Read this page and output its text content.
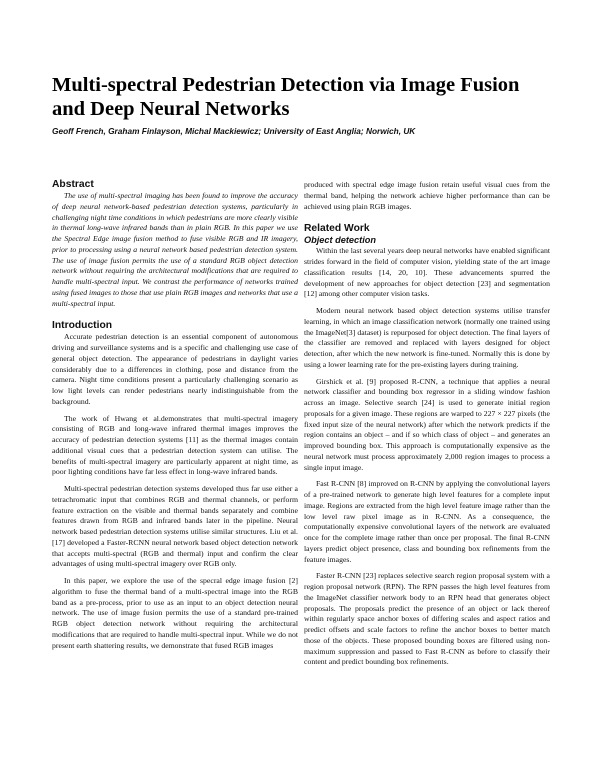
Multi-spectral Pedestrian Detection via Image Fusion and Deep Neural Networks
Geoff French, Graham Finlayson, Michal Mackiewicz; University of East Anglia; Norwich, UK
Abstract

The use of multi-spectral imaging has been found to improve the accuracy of deep neural network-based pedestrian detection systems, particularly in challenging night time conditions in which pedestrians are more clearly visible in thermal long-wave infrared bands than in plain RGB. In this paper we use the Spectral Edge image fusion method to fuse visible RGB and IR imagery, prior to processing using a neural network based pedestrian detection system. The use of image fusion permits the use of a standard RGB object detection network without requiring the architectural modifications that are required to handle multi-spectral input. We contrast the performance of networks trained using fused images to those that use plain RGB images and networks that use a multi-spectral input.

Introduction

Accurate pedestrian detection is an essential component of autonomous driving and surveillance systems and is a specific and challenging use case of general object detection. The appearance of pedestrians in daylight varies considerably due to a differences in clothing, pose and distance from the camera. Night time conditions present a particularly challenging scenario as low light levels can render pedestrians nearly indistinguishable from the background.

The work of Hwang et al.demonstrates that multi-spectral imagery consisting of RGB and long-wave infrared thermal images improves the accuracy of pedestrian detection systems [11] as the thermal images contain additional visual cues that a pedestrian detection system can utilise. The benefits of multi-spectral imagery are particularly apparent at night time, as poor lighting conditions have far less effect in long-wave infrared bands.

Multi-spectral pedestrian detection systems developed thus far use either a tetrachromatic input that combines RGB and thermal channels, or perform feature extraction on the visible and thermal bands separately and combine features drawn from RGB and infrared bands later in the pipeline. Neural network based pedestrian detection systems utilise similar structures. Liu et al.[17] developed a Faster-RCNN neural network based object detection network that accepts multi-spectral (RGB and thermal) input and confirm the clear advantages of using multi-spectral imagery over RGB only.

In this paper, we explore the use of the specral edge image fusion [2] algorithm to fuse the thermal band of a multi-spectral image into the RGB band as a pre-process, prior to use as an input to an object detection neural network. The use of image fusion permits the use of a standard pre-trained RGB object detection network without requiring the architectural modifications that are required to handle multi-spectral input. While we do not present earth shattering results, we demonstrate that fused RGB images

produced with spectral edge image fusion retain useful visual cues from the thermal band, helping the network achieve higher performance than can be achieved using plain RGB images.

Related Work
Object detection

Within the last several years deep neural networks have enabled significant strides forward in the field of computer vision, yielding state of the art image classification results [14, 20, 10]. These advancements spurred the development of new approaches for object detection [23] and segmentation [12] among other computer vision tasks.

Modern neural network based object detection systems utilise transfer learning, in which an image classification network (normally one trained using the ImageNet[3] dataset) is repurposed for object detection. The final layers of the classifier are removed and replaced with layers designed for object detection, after which the new network is fine-tuned. Normally this is done by using a lower learning rate for the pre-existing layers during training.

Girshick et al. [9] proposed R-CNN, a technique that applies a neural network classifier and bounding box regressor in a sliding window fashion across an image. Selective search [24] is used to generate initial region proposals for a given image. These regions are warped to 227 × 227 pixels (the fixed input size of the neural network) after which the network predicts if the region contains an object – and if so which class of object – and generates an improved bounding box. This approach is computationally expensive as the neural network must process approximately 2,000 region images to process a single input image.

Fast R-CNN [8] improved on R-CNN by applying the convolutional layers of a pre-trained network to generate high level features for a complete input image. Regions are extracted from the high level feature image rather than the low level raw pixel image as in R-CNN. As a consequence, the computationally expensive convolutional layers of the network are evaluated once for the complete image rather than once per proposal. The final R-CNN layers predict object presence, class and bounding box refinements from the feature images.

Faster R-CNN [23] replaces selective search region proposal system with a region proposal network (RPN). The RPN passes the high level features from the ImageNet classifier network body to an RPN head that generates object proposals. The proposals predict the presence of an object or lack thereof within regularly space anchor boxes of differing scales and aspect ratios and predict offsets and scale factors to refine the anchor boxes to better match those of the objects. These proposed bounding boxes are filtered using non-maximum suppression and passed to Fast R-CNN as before to classify their content and predict bounding box refinements.
